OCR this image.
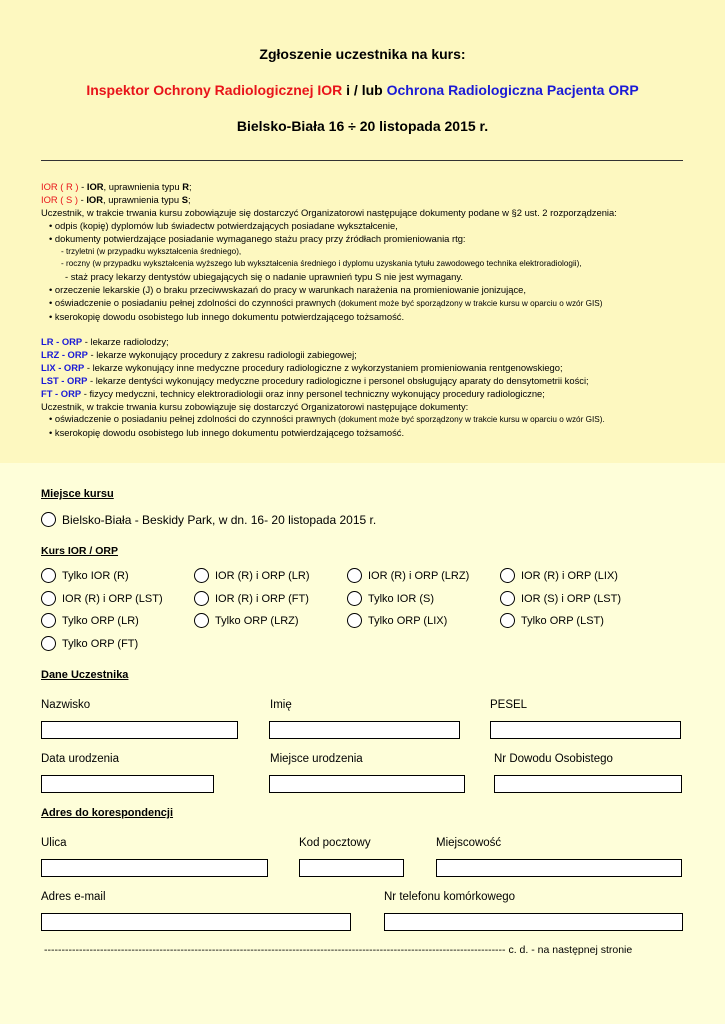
Zgłoszenie uczestnika na kurs:
Inspektor Ochrony Radiologicznej IOR i / lub Ochrona Radiologiczna Pacjenta ORP
Bielsko-Biała 16 ÷ 20 listopada 2015 r.
IOR ( R ) - IOR, uprawnienia typu R;
IOR ( S ) - IOR, uprawnienia typu S;
Uczestnik, w trakcie trwania kursu zobowiązuje się dostarczyć Organizatorowi następujące dokumenty podane w §2 ust. 2 rozporządzenia:
• odpis (kopię) dyplomów lub świadectw potwierdzających posiadane wykształcenie,
• dokumenty potwierdzające posiadanie wymaganego stażu pracy przy źródłach promieniowania rtg:
- trzyletni (w przypadku wykształcenia średniego),
- roczny (w przypadku wykształcenia wyższego lub wykształcenia średniego i dyplomu uzyskania tytułu zawodowego technika elektroradiologii),
- staż pracy lekarzy dentystów ubiegających się o nadanie uprawnień typu S nie jest wymagany.
• orzeczenie lekarskie (J) o braku przeciwwskazań do pracy w warunkach narażenia na promieniowanie jonizujące,
• oświadczenie o posiadaniu pełnej zdolności do czynności prawnych (dokument może być sporządzony w trakcie kursu w oparciu o wzór GIS)
• kserokopię dowodu osobistego lub innego dokumentu potwierdzającego tożsamość.
LR - ORP - lekarze radiolodzy;
LRZ - ORP - lekarze wykonujący procedury z zakresu radiologii zabiegowej;
LIX - ORP - lekarze wykonujący inne medyczne procedury radiologiczne z wykorzystaniem promieniowania rentgenowskiego;
LST - ORP - lekarze dentyści wykonujący medyczne procedury radiologiczne i personel obsługujący aparaty do densytometrii kości;
FT - ORP - fizycy medyczni, technicy elektroradiologii oraz inny personel techniczny wykonujący procedury radiologiczne;
Uczestnik, w trakcie trwania kursu zobowiązuje się dostarczyć Organizatorowi następujące dokumenty:
• oświadczenie o posiadaniu pełnej zdolności do czynności prawnych (dokument może być sporządzony w trakcie kursu w oparciu o wzór GIS).
• kserokopię dowodu osobistego lub innego dokumentu potwierdzającego tożsamość.
Miejsce kursu
Bielsko-Biała - Beskidy Park, w dn. 16- 20 listopada 2015 r.
Kurs IOR / ORP
Tylko IOR (R)	IOR (R) i ORP (LR)	IOR (R) i ORP (LRZ)	IOR (R) i ORP (LIX)
IOR (R) i ORP (LST)	IOR (R) i ORP (FT)	Tylko IOR (S)	IOR (S) i ORP (LST)
Tylko ORP (LR)	Tylko ORP (LRZ)	Tylko ORP (LIX)	Tylko ORP (LST)
Tylko ORP (FT)
Dane Uczestnika
Nazwisko	Imię	PESEL
Data urodzenia	Miejsce urodzenia	Nr Dowodu Osobistego
Adres do korespondencji
Ulica	Kod pocztowy	Miejscowość
Adres e-mail	Nr telefonu komórkowego
------------------------------------------------------------------------------------------------------------------------------------ c. d. - na następnej stronie
